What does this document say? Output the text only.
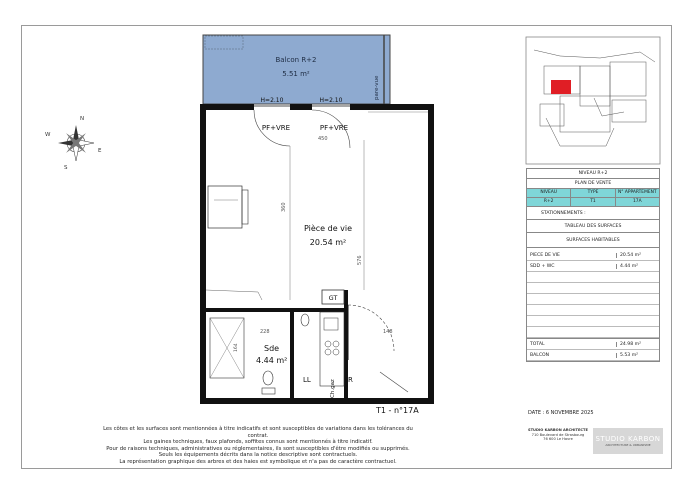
Balcon R+2
5.51 m²
pare-vue
H=2.10	H=2.10
PF+VRE	PF+VRE
450
360
576
Pièce de vie
20.54 m²
228	148
164	Sde
4.44 m²
GT
Ch.gaz
LL	R
T1 - n°17A
N
E
S
W
NIVEAU R+2
PLAN DE VENTE
NIVEAU	TYPE	N° APPARTEMENT
R+2	T1	17A
STATIONNEMENTS :
TABLEAU DES SURFACES
SURFACES HABITABLES
PIECE DE VIE	20.54 m²
SDD + WC	4.44 m²
TOTAL	24.98 m²
BALCON	5.53 m²
DATE : 6 NOVEMBRE 2025
STUDIO KARBON ARCHITECTE
710 Boulevard de Strasbourg
76 600 Le Havre	STUDIO KARBON
ARCHITECTURE & URBANISME
Les côtes et les surfaces sont mentionnées à titre indicatifs et sont susceptibles de variations dans les tolérances du contrat.
Les gaines techniques, faux plafonds, soffites connus sont mentionnés à titre indicatif.
Pour de raisons techniques, administratives ou réglementaires, ils sont susceptibles d'être modifiés ou supprimés.
Seuls les équipements décrits dans la notice descriptive sont contractuels.
La représentation graphique des arbres et des haies est symbolique et n'a pas de caractère contractuel.
